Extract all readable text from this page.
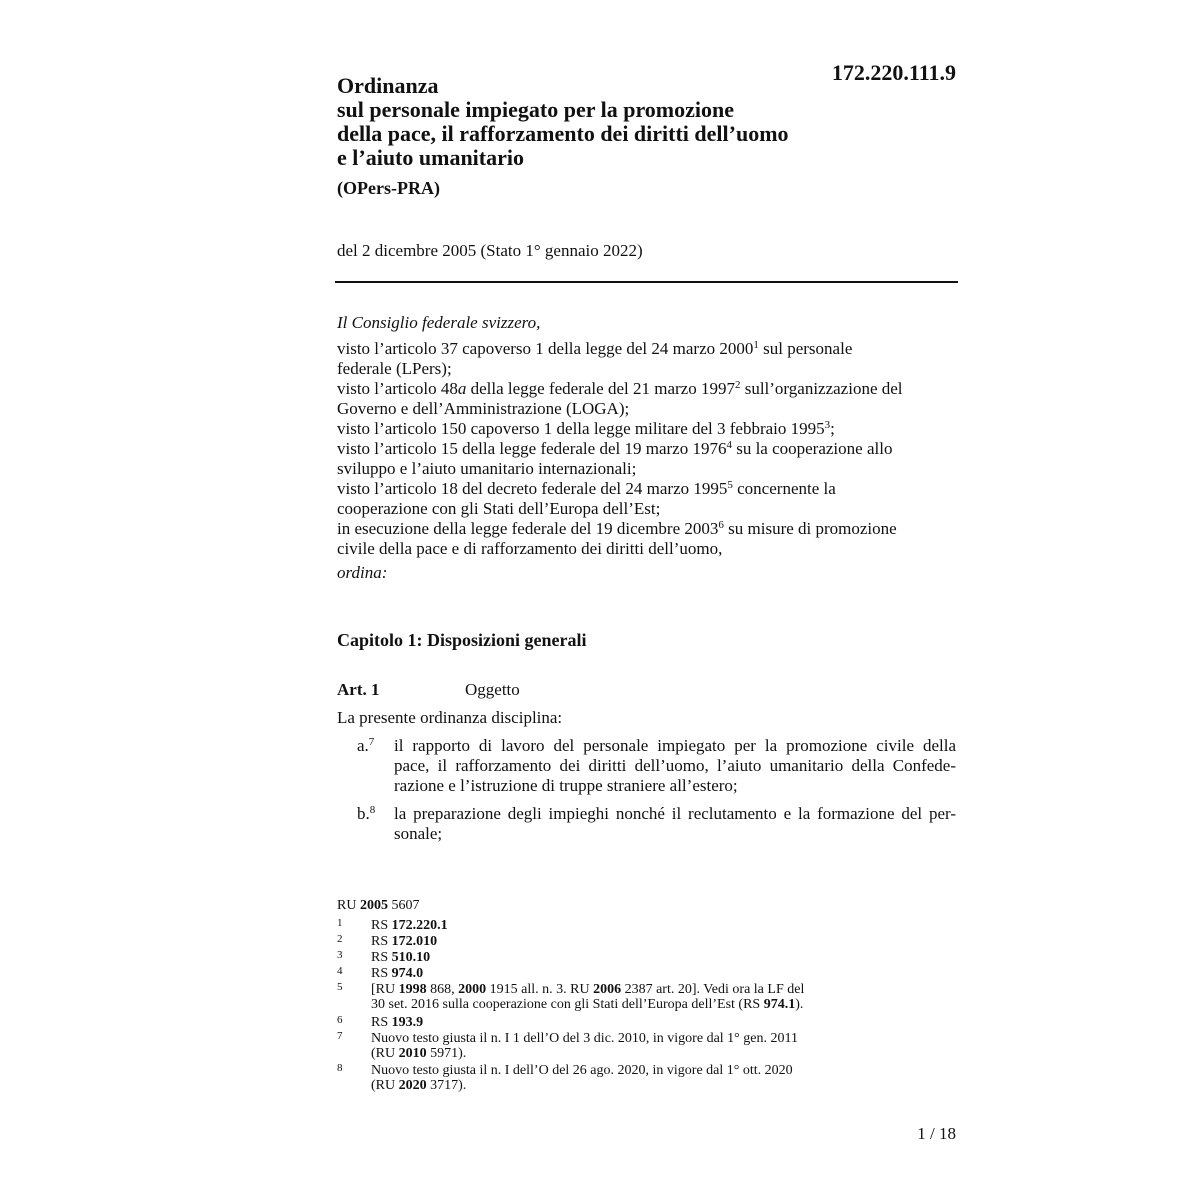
172.220.111.9
Ordinanza
sul personale impiegato per la promozione
della pace, il rafforzamento dei diritti dell’uomo
e l’aiuto umanitario
(OPers-PRA)
del 2 dicembre 2005 (Stato 1° gennaio 2022)
Il Consiglio federale svizzero,
visto l’articolo 37 capoverso 1 della legge del 24 marzo 2000$^1$ sul personale
federale (LPers);
visto l’articolo 48a della legge federale del 21 marzo 1997$^2$ sull’organizzazione del
Governo e dell’Amministrazione (LOGA);
visto l’articolo 150 capoverso 1 della legge militare del 3 febbraio 1995$^3$;
visto l’articolo 15 della legge federale del 19 marzo 1976$^4$ su la cooperazione allo
sviluppo e l’aiuto umanitario internazionali;
visto l’articolo 18 del decreto federale del 24 marzo 1995$^5$ concernente la
cooperazione con gli Stati dell’Europa dell’Est;
in esecuzione della legge federale del 19 dicembre 2003$^6$ su misure di promozione
civile della pace e di rafforzamento dei diritti dell’uomo,
ordina:
Capitolo 1: Disposizioni generali
Art. 1	Oggetto
La presente ordinanza disciplina:
a.$^7$ il rapporto di lavoro del personale impiegato per la promozione civile della
pace, il rafforzamento dei diritti dell’uomo, l’aiuto umanitario della Confede-
razione e l’istruzione di truppe straniere all’estero;
b.$^8$ la preparazione degli impieghi nonché il reclutamento e la formazione del per-
sonale;
RU 2005 5607
1 RS 172.220.1
2 RS 172.010
3 RS 510.10
4 RS 974.0
5 [RU 1998 868, 2000 1915 all. n. 3. RU 2006 2387 art. 20]. Vedi ora la LF del
30 set. 2016 sulla cooperazione con gli Stati dell’Europa dell’Est (RS 974.1).
6 RS 193.9
7 Nuovo testo giusta il n. I 1 dell’O del 3 dic. 2010, in vigore dal 1° gen. 2011
(RU 2010 5971).
8 Nuovo testo giusta il n. I dell’O del 26 ago. 2020, in vigore dal 1° ott. 2020
(RU 2020 3717).
1 / 18
